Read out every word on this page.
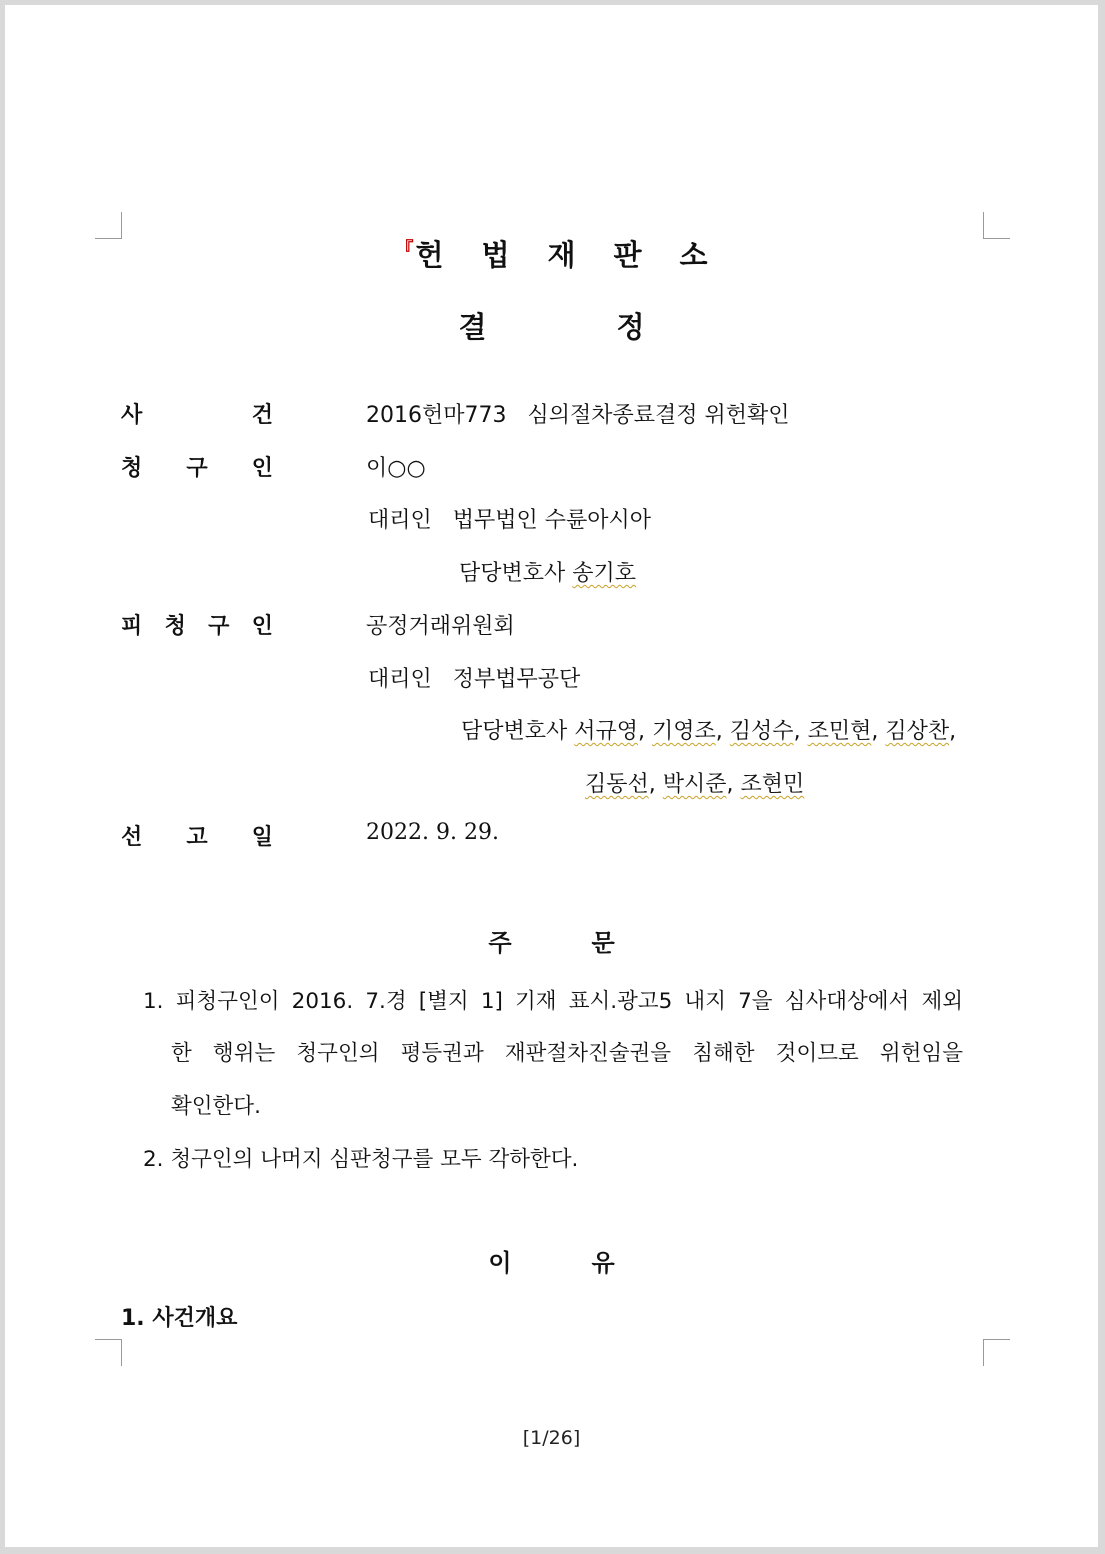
『헌법재판소
결정
사	건	2016헌마773 심의절차종료결정 위헌확인
청 구 인	이○○
대리인 법무법인 수륜아시아
담당변호사 송기호
피 청 구 인	공정거래위원회
대리인 정부법무공단
담당변호사 서규영, 기영조, 김성수, 조민현, 김상찬,
김동선, 박시준, 조현민
선 고 일	2022. 9. 29.
주문
1. 피청구인이 2016. 7.경 [별지 1] 기재 표시.광고5 내지 7을 심사대상에서 제외
한 행위는 청구인의 평등권과 재판절차진술권을 침해한 것이므로 위헌임을
확인한다.
2. 청구인의 나머지 심판청구를 모두 각하한다.
이유
1. 사건개요
[1/26]
